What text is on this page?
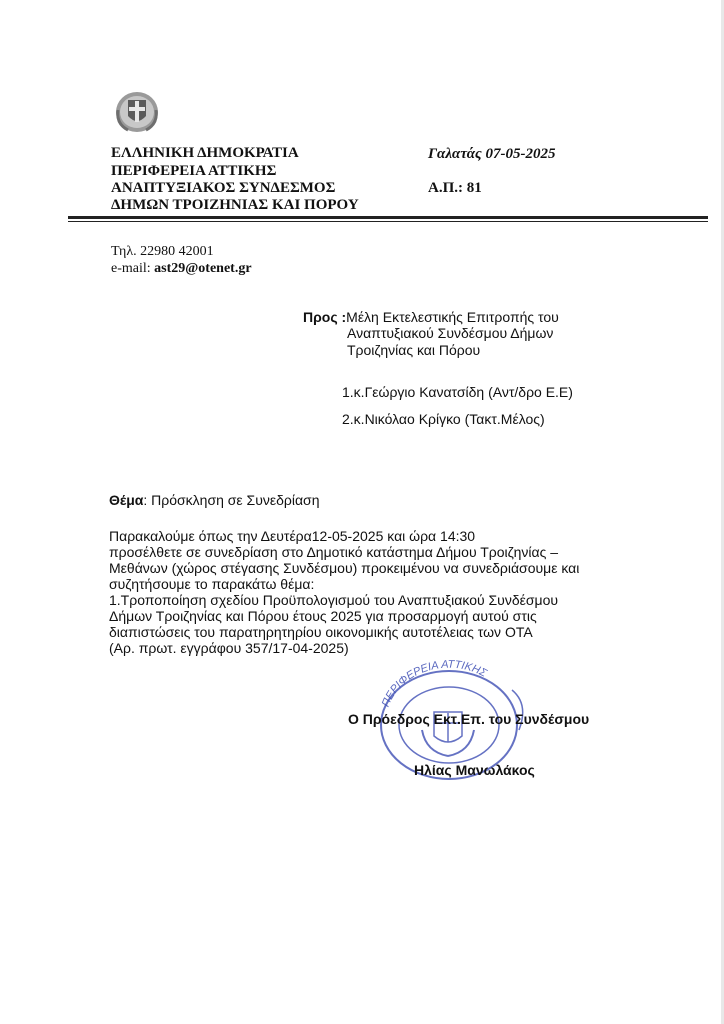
ΕΛΛΗΝΙΚΗ ΔΗΜΟΚΡΑΤΙΑ
ΠΕΡΙΦΕΡΕΙΑ ΑΤΤΙΚΗΣ
ΑΝΑΠΤΥΞΙΑΚΟΣ ΣΥΝΔΕΣΜΟΣ
ΔΗΜΩΝ ΤΡΟΙΖΗΝΙΑΣ ΚΑΙ ΠΟΡΟΥ
Γαλατάς 07-05-2025
Α.Π.: 81
Τηλ. 22980 42001
e-mail: ast29@otenet.gr
Προς :Μέλη Εκτελεστικής Επιτροπής του
Αναπτυξιακού Συνδέσμου Δήμων
Τροιζηνίας και Πόρου
1.κ.Γεώργιο Κανατσίδη (Αντ/δρο Ε.Ε)
2.κ.Νικόλαο Κρίγκο (Τακτ.Μέλος)
Θέμα: Πρόσκληση σε Συνεδρίαση
Παρακαλούμε όπως την Δευτέρα12-05-2025 και ώρα 14:30
προσέλθετε σε συνεδρίαση στο Δημοτικό κατάστημα Δήμου Τροιζηνίας –
Μεθάνων (χώρος στέγασης Συνδέσμου) προκειμένου να συνεδριάσουμε και
συζητήσουμε το παρακάτω θέμα:
1.Τροποποίηση σχεδίου Προϋπολογισμού του Αναπτυξιακού Συνδέσμου
Δήμων Τροιζηνίας και Πόρου έτους 2025 για προσαρμογή αυτού στις
διαπιστώσεις του παρατηρητηρίου οικονομικής αυτοτέλειας των ΟΤΑ
(Αρ. πρωτ. εγγράφου 357/17-04-2025)
ΠΕΡΙΦΕΡΕΙΑ ΑΤΤΙΚΗΣ
Ο Πρόεδρος Εκτ.Επ. του Συνδέσμου
Ηλίας Μανωλάκος
